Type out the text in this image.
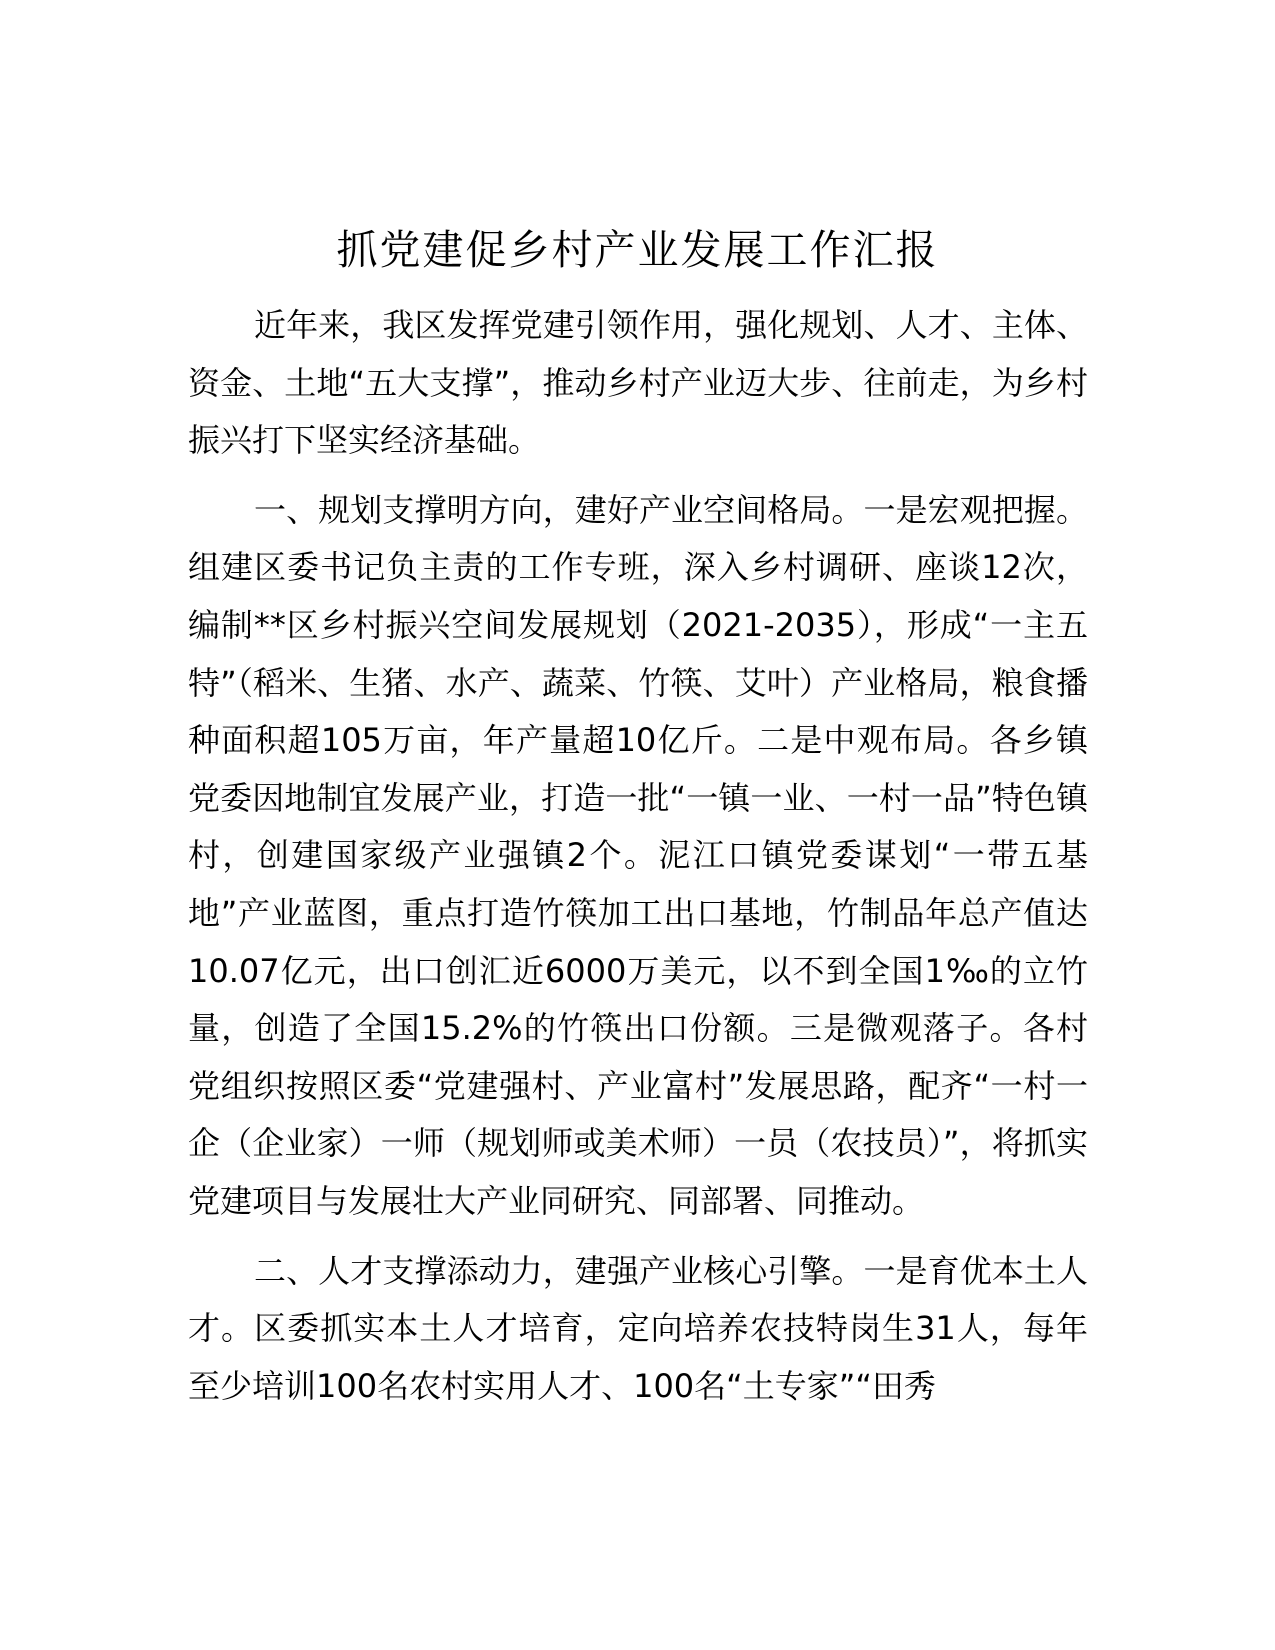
抓党建促乡村产业发展工作汇报

近年来，我区发挥党建引领作用，强化规划、人才、主体、资金、土地“五大支撑”，推动乡村产业迈大步、往前走，为乡村振兴打下坚实经济基础。

一、规划支撑明方向，建好产业空间格局。一是宏观把握。组建区委书记负主责的工作专班，深入乡村调研、座谈12次，编制**区乡村振兴空间发展规划（2021-2035），形成“一主五特”（稻米、生猪、水产、蔬菜、竹筷、艾叶）产业格局，粮食播种面积超105万亩，年产量超10亿斤。二是中观布局。各乡镇党委因地制宜发展产业，打造一批“一镇一业、一村一品”特色镇村，创建国家级产业强镇2个。泥江口镇党委谋划“一带五基地”产业蓝图，重点打造竹筷加工出口基地，竹制品年总产值达10.07亿元，出口创汇近6000万美元，以不到全国1‰的立竹量，创造了全国15.2%的竹筷出口份额。三是微观落子。各村党组织按照区委“党建强村、产业富村”发展思路，配齐“一村一企（企业家）一师（规划师或美术师）一员（农技员）”，将抓实党建项目与发展壮大产业同研究、同部署、同推动。

二、人才支撑添动力，建强产业核心引擎。一是育优本土人才。区委抓实本土人才培育，定向培养农技特岗生31人，每年至少培训100名农村实用人才、100名“土专家”“田秀
